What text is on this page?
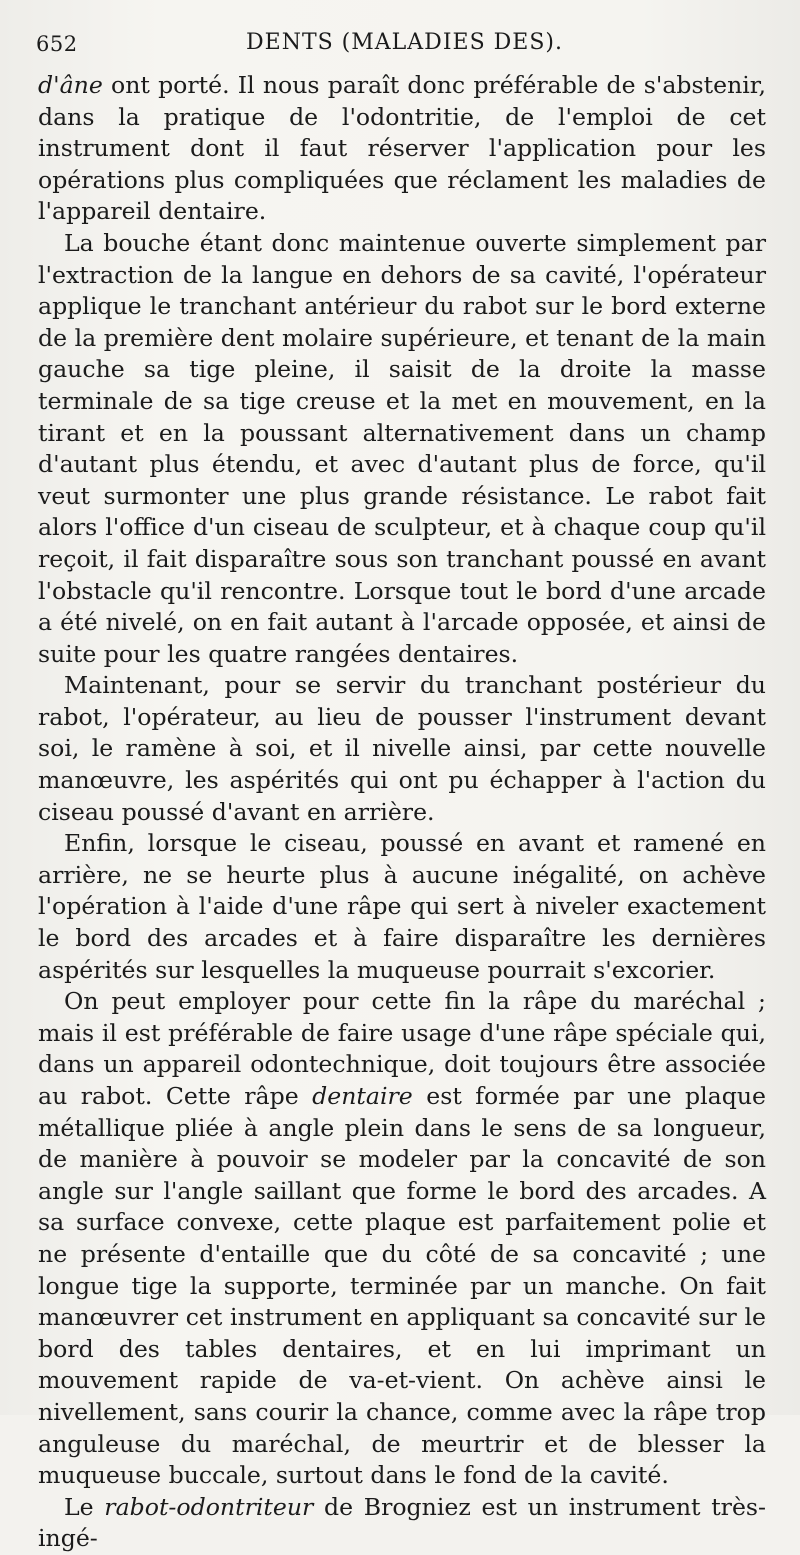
652	DENTS (MALADIES DES).

d'âne ont porté. Il nous paraît donc préférable de s'abstenir, dans la pratique de l'odontritie, de l'emploi de cet instrument dont il faut réserver l'application pour les opérations plus compliquées que réclament les maladies de l'appareil dentaire.

La bouche étant donc maintenue ouverte simplement par l'extraction de la langue en dehors de sa cavité, l'opérateur applique le tranchant antérieur du rabot sur le bord externe de la première dent molaire supérieure, et tenant de la main gauche sa tige pleine, il saisit de la droite la masse terminale de sa tige creuse et la met en mouvement, en la tirant et en la poussant alternativement dans un champ d'autant plus étendu, et avec d'autant plus de force, qu'il veut surmonter une plus grande résistance. Le rabot fait alors l'office d'un ciseau de sculpteur, et à chaque coup qu'il reçoit, il fait disparaître sous son tranchant poussé en avant l'obstacle qu'il rencontre. Lorsque tout le bord d'une arcade a été nivelé, on en fait autant à l'arcade opposée, et ainsi de suite pour les quatre rangées dentaires.

Maintenant, pour se servir du tranchant postérieur du rabot, l'opérateur, au lieu de pousser l'instrument devant soi, le ramène à soi, et il nivelle ainsi, par cette nouvelle manœuvre, les aspérités qui ont pu échapper à l'action du ciseau poussé d'avant en arrière.

Enfin, lorsque le ciseau, poussé en avant et ramené en arrière, ne se heurte plus à aucune inégalité, on achève l'opération à l'aide d'une râpe qui sert à niveler exactement le bord des arcades et à faire disparaître les dernières aspérités sur lesquelles la muqueuse pourrait s'excorier.

On peut employer pour cette fin la râpe du maréchal ; mais il est préférable de faire usage d'une râpe spéciale qui, dans un appareil odontechnique, doit toujours être associée au rabot. Cette râpe dentaire est formée par une plaque métallique pliée à angle plein dans le sens de sa longueur, de manière à pouvoir se modeler par la concavité de son angle sur l'angle saillant que forme le bord des arcades. A sa surface convexe, cette plaque est parfaitement polie et ne présente d'entaille que du côté de sa concavité ; une longue tige la supporte, terminée par un manche. On fait manœuvrer cet instrument en appliquant sa concavité sur le bord des tables dentaires, et en lui imprimant un mouvement rapide de va-et-vient. On achève ainsi le nivellement, sans courir la chance, comme avec la râpe trop anguleuse du maréchal, de meurtrir et de blesser la muqueuse buccale, surtout dans le fond de la cavité.

Le rabot-odontriteur de Brogniez est un instrument très-ingé-
